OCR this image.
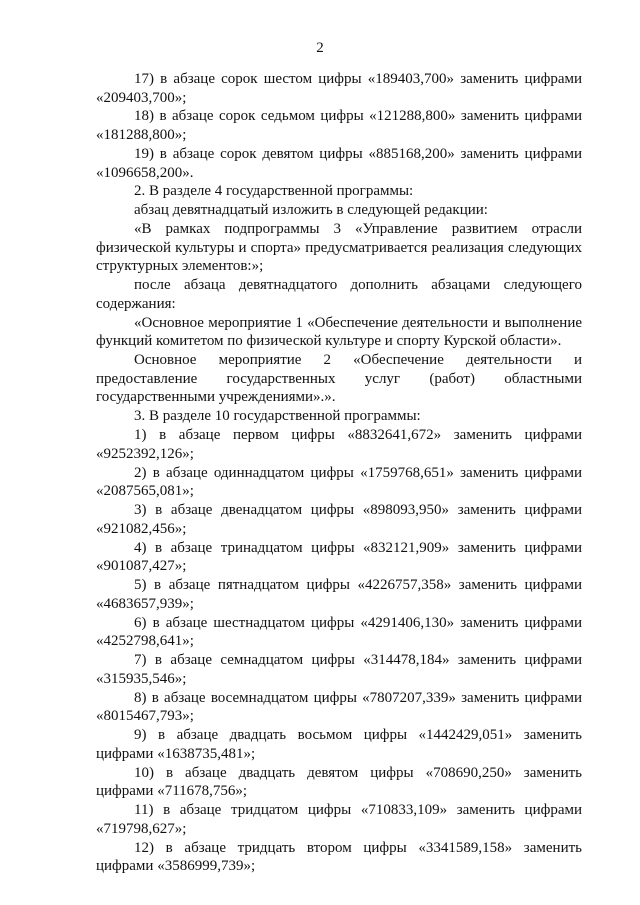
2

17) в абзаце сорок шестом цифры «189403,700» заменить цифрами «209403,700»;

18) в абзаце сорок седьмом цифры «121288,800» заменить цифрами «181288,800»;

19) в абзаце сорок девятом цифры «885168,200» заменить цифрами «1096658,200».

2. В разделе 4 государственной программы:

абзац девятнадцатый изложить в следующей редакции:

«В рамках подпрограммы 3 «Управление развитием отрасли физической культуры и спорта» предусматривается реализация следующих структурных элементов:»;

после абзаца девятнадцатого дополнить абзацами следующего содержания:

«Основное мероприятие 1 «Обеспечение деятельности и выполнение функций комитетом по физической культуре и спорту Курской области».

Основное мероприятие 2 «Обеспечение деятельности и предоставление государственных услуг (работ) областными государственными учреждениями».».

3. В разделе 10 государственной программы:

1) в абзаце первом цифры «8832641,672» заменить цифрами «9252392,126»;

2) в абзаце одиннадцатом цифры «1759768,651» заменить цифрами «2087565,081»;

3) в абзаце двенадцатом цифры «898093,950» заменить цифрами «921082,456»;

4) в абзаце тринадцатом цифры «832121,909» заменить цифрами «901087,427»;

5) в абзаце пятнадцатом цифры «4226757,358» заменить цифрами «4683657,939»;

6) в абзаце шестнадцатом цифры «4291406,130» заменить цифрами «4252798,641»;

7) в абзаце семнадцатом цифры «314478,184» заменить цифрами «315935,546»;

8) в абзаце восемнадцатом цифры «7807207,339» заменить цифрами «8015467,793»;

9) в абзаце двадцать восьмом цифры «1442429,051» заменить цифрами «1638735,481»;

10) в абзаце двадцать девятом цифры «708690,250» заменить цифрами «711678,756»;

11) в абзаце тридцатом цифры «710833,109» заменить цифрами «719798,627»;

12) в абзаце тридцать втором цифры «3341589,158» заменить цифрами «3586999,739»;
